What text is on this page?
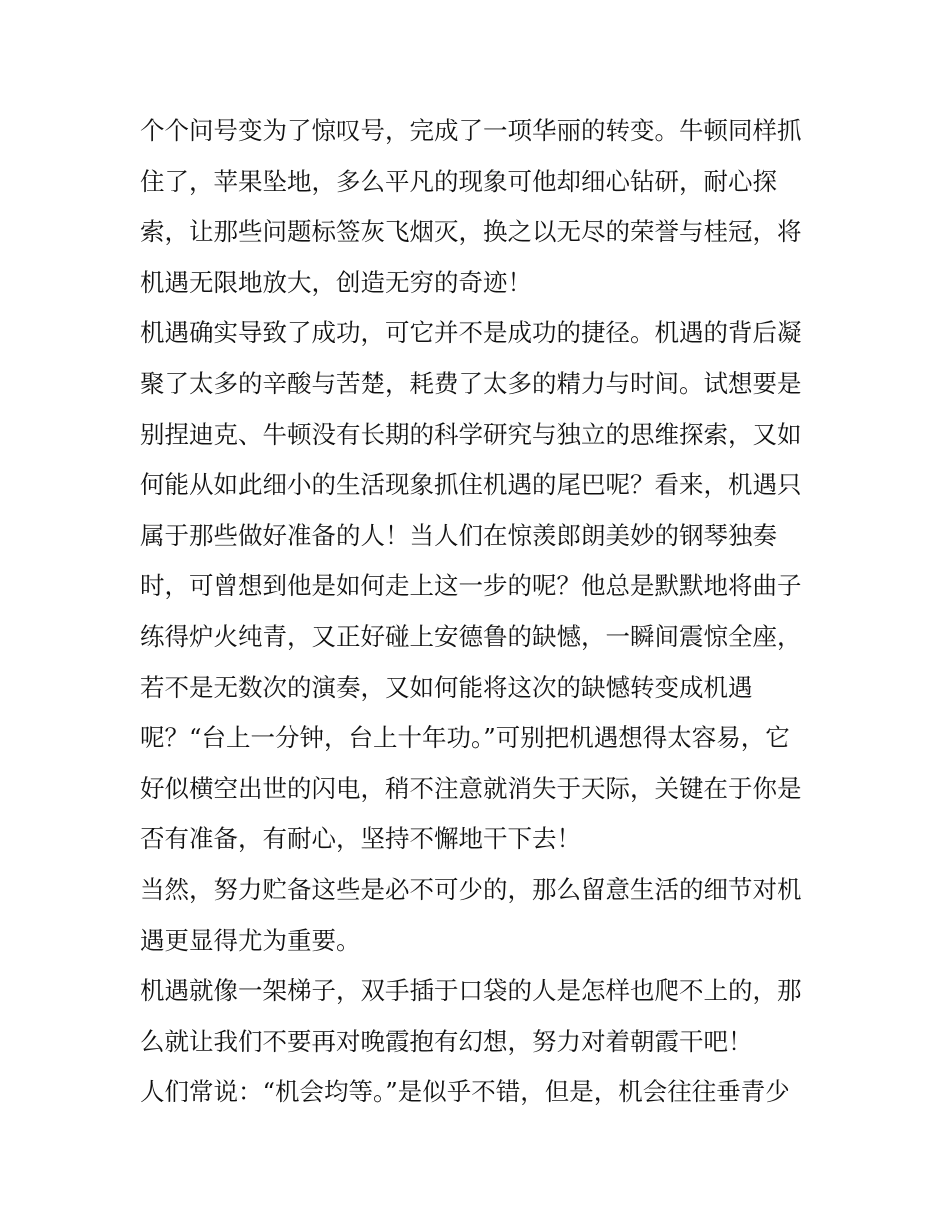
个个问号变为了惊叹号，完成了一项华丽的转变。牛顿同样抓
住了，苹果坠地，多么平凡的现象可他却细心钻研，耐心探
索，让那些问题标签灰飞烟灭，换之以无尽的荣誉与桂冠，将
机遇无限地放大，创造无穷的奇迹！
机遇确实导致了成功，可它并不是成功的捷径。机遇的背后凝
聚了太多的辛酸与苦楚，耗费了太多的精力与时间。试想要是
别捏迪克、牛顿没有长期的科学研究与独立的思维探索，又如
何能从如此细小的生活现象抓住机遇的尾巴呢？看来，机遇只
属于那些做好准备的人！当人们在惊羡郎朗美妙的钢琴独奏
时，可曾想到他是如何走上这一步的呢？他总是默默地将曲子
练得炉火纯青，又正好碰上安德鲁的缺憾，一瞬间震惊全座，
若不是无数次的演奏，又如何能将这次的缺憾转变成机遇
呢？“台上一分钟，台上十年功。”可别把机遇想得太容易，它
好似横空出世的闪电，稍不注意就消失于天际，关键在于你是
否有准备，有耐心，坚持不懈地干下去！
当然，努力贮备这些是必不可少的，那么留意生活的细节对机
遇更显得尤为重要。
机遇就像一架梯子，双手插于口袋的人是怎样也爬不上的，那
么就让我们不要再对晚霞抱有幻想，努力对着朝霞干吧！
人们常说：“机会均等。”是似乎不错，但是，机会往往垂青少
